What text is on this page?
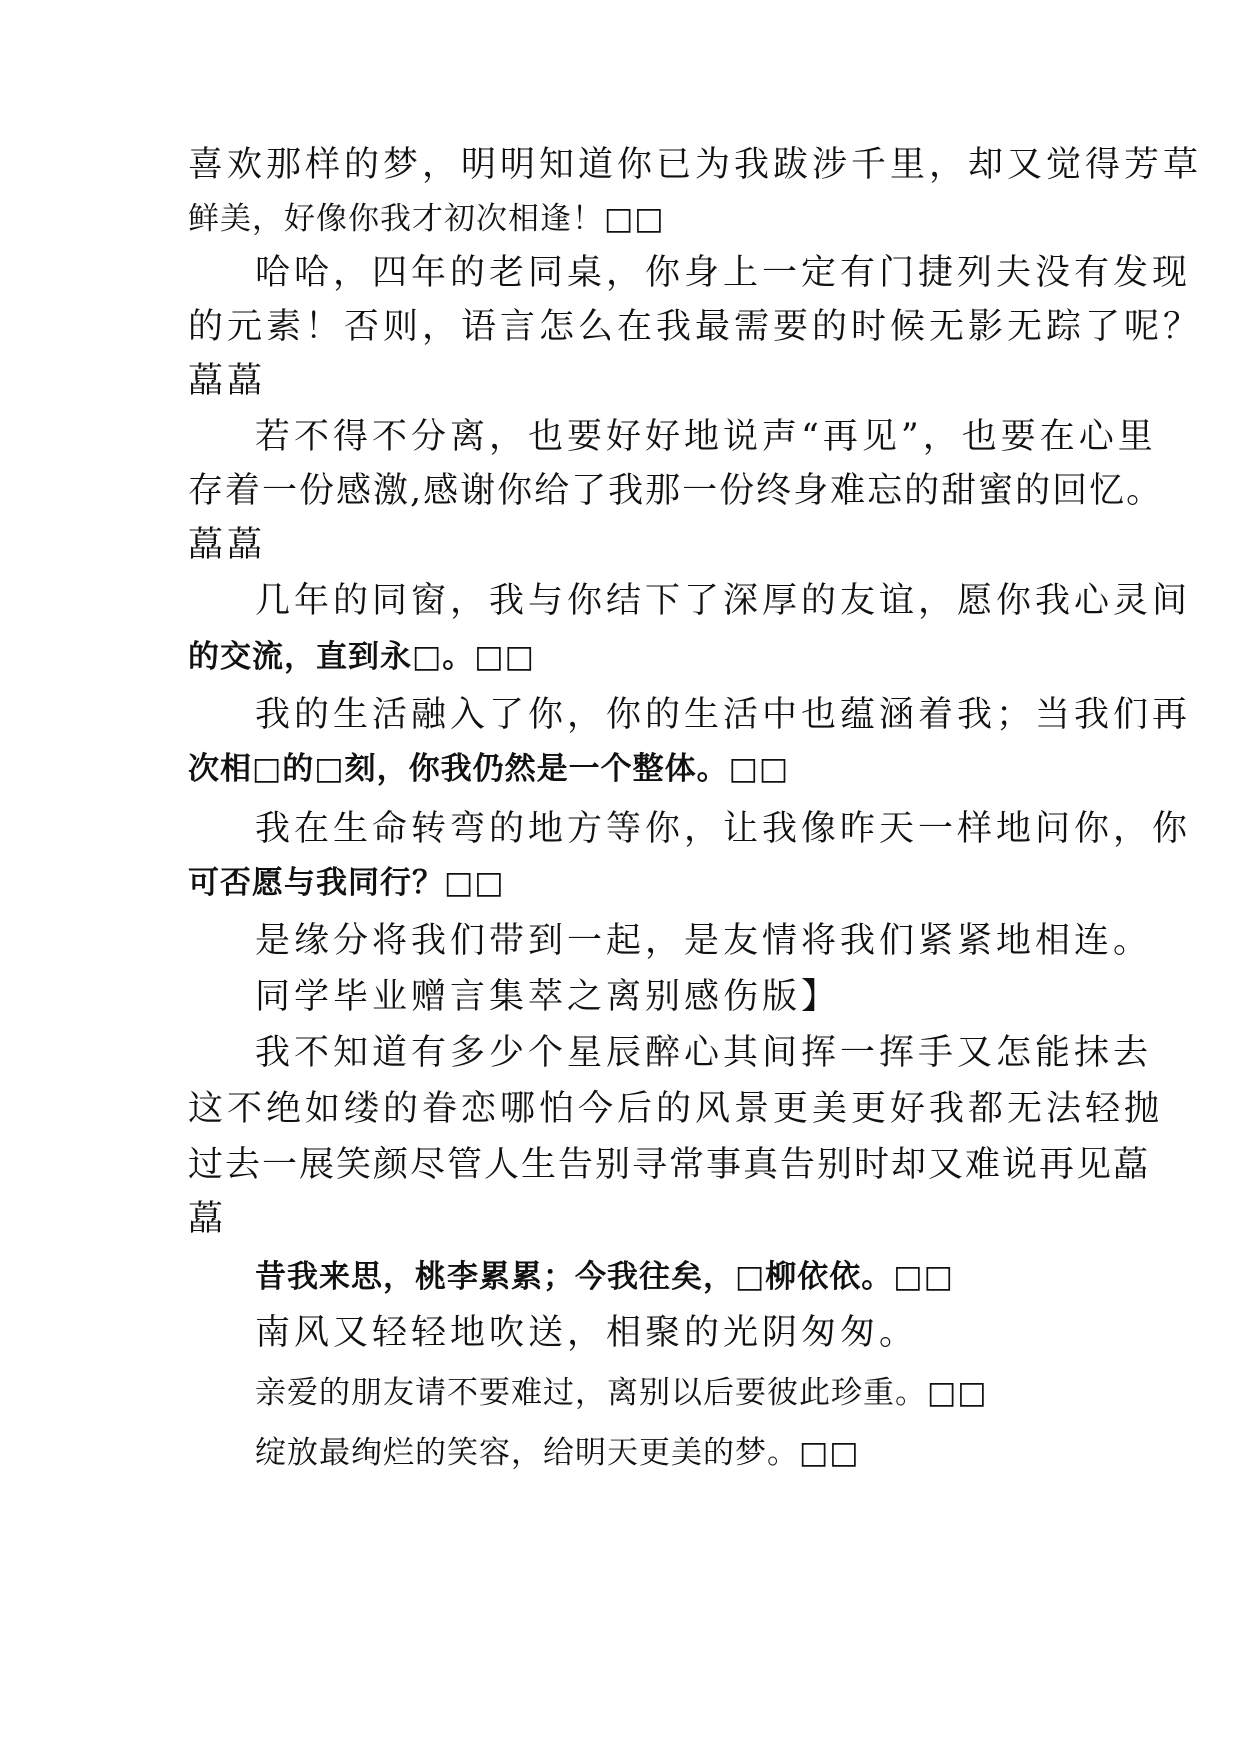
喜欢那样的梦，明明知道你已为我跋涉千里，却又觉得芳草
鲜美，好像你我才初次相逢！□□
哈哈，四年的老同桌，你身上一定有门捷列夫没有发现
的元素！否则，语言怎么在我最需要的时候无影无踪了呢？
藠藠
若不得不分离，也要好好地说声“再见”，也要在心里
存着一份感激,感谢你给了我那一份终身难忘的甜蜜的回忆。
藠藠
几年的同窗，我与你结下了深厚的友谊，愿你我心灵间
的交流，直到永□。□□
我的生活融入了你，你的生活中也蕴涵着我；当我们再
次相□的□刻，你我仍然是一个整体。□□
我在生命转弯的地方等你，让我像昨天一样地问你，你
可否愿与我同行？□□
是缘分将我们带到一起，是友情将我们紧紧地相连。
同学毕业赠言集萃之离别感伤版】
我不知道有多少个星辰醉心其间挥一挥手又怎能抹去
这不绝如缕的眷恋哪怕今后的风景更美更好我都无法轻抛
过去一展笑颜尽管人生告别寻常事真告别时却又难说再见藠
藠
昔我来思，桃李累累；今我往矣，□柳依依。□□
南风又轻轻地吹送，相聚的光阴匆匆。
亲爱的朋友请不要难过，离别以后要彼此珍重。□□
绽放最绚烂的笑容，给明天更美的梦。□□
